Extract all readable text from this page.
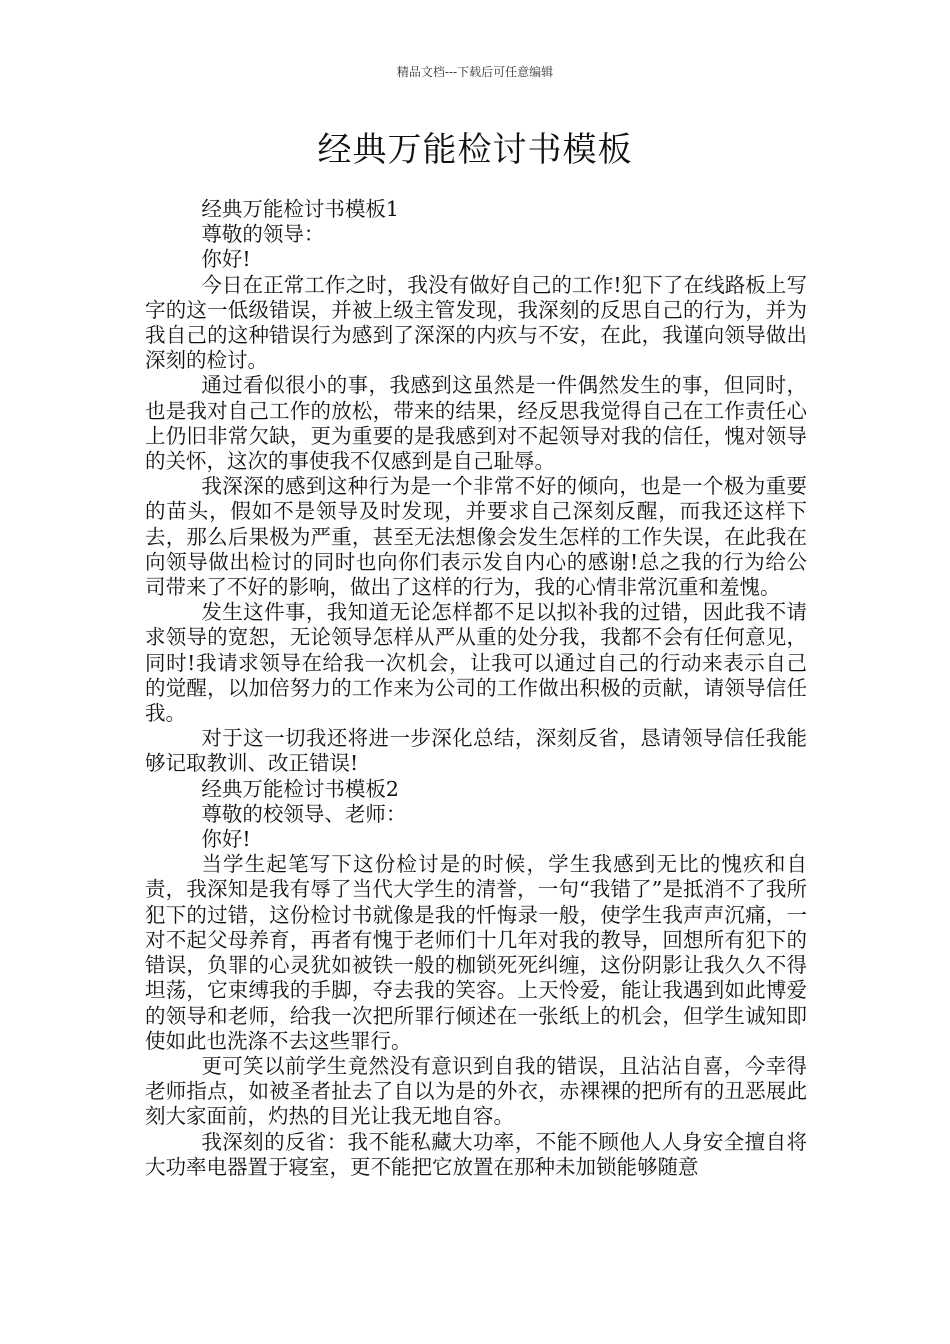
精品文档---下载后可任意编辑
经典万能检讨书模板

经典万能检讨书模板1

尊敬的领导：

你好!

今日在正常工作之时，我没有做好自己的工作!犯下了在线路板上写字的这一低级错误，并被上级主管发现，我深刻的反思自己的行为，并为我自己的这种错误行为感到了深深的内疚与不安，在此，我谨向领导做出深刻的检讨。

通过看似很小的事，我感到这虽然是一件偶然发生的事，但同时，也是我对自己工作的放松，带来的结果，经反思我觉得自己在工作责任心上仍旧非常欠缺，更为重要的是我感到对不起领导对我的信任，愧对领导的关怀，这次的事使我不仅感到是自己耻辱。

我深深的感到这种行为是一个非常不好的倾向，也是一个极为重要的苗头，假如不是领导及时发现，并要求自己深刻反醒，而我还这样下去，那么后果极为严重，甚至无法想像会发生怎样的工作失误，在此我在向领导做出检讨的同时也向你们表示发自内心的感谢!总之我的行为给公司带来了不好的影响，做出了这样的行为，我的心情非常沉重和羞愧。

发生这件事，我知道无论怎样都不足以拟补我的过错，因此我不请求领导的宽恕，无论领导怎样从严从重的处分我，我都不会有任何意见，同时!我请求领导在给我一次机会，让我可以通过自己的行动来表示自己的觉醒，以加倍努力的工作来为公司的工作做出积极的贡献，请领导信任我。

对于这一切我还将进一步深化总结，深刻反省，恳请领导信任我能够记取教训、改正错误!

经典万能检讨书模板2

尊敬的校领导、老师：

你好!

当学生起笔写下这份检讨是的时候，学生我感到无比的愧疚和自责，我深知是我有辱了当代大学生的清誉，一句“我错了”是抵消不了我所犯下的过错，这份检讨书就像是我的忏悔录一般，使学生我声声沉痛，一对不起父母养育，再者有愧于老师们十几年对我的教导，回想所有犯下的错误，负罪的心灵犹如被铁一般的枷锁死死纠缠，这份阴影让我久久不得坦荡，它束缚我的手脚，夺去我的笑容。上天怜爱，能让我遇到如此博爱的领导和老师，给我一次把所罪行倾述在一张纸上的机会，但学生诚知即使如此也洗涤不去这些罪行。

更可笑以前学生竟然没有意识到自我的错误，且沾沾自喜，今幸得老师指点，如被圣者扯去了自以为是的外衣，赤裸裸的把所有的丑恶展此刻大家面前，灼热的目光让我无地自容。

我深刻的反省：我不能私藏大功率，不能不顾他人人身安全擅自将大功率电器置于寝室，更不能把它放置在那种未加锁能够随意
